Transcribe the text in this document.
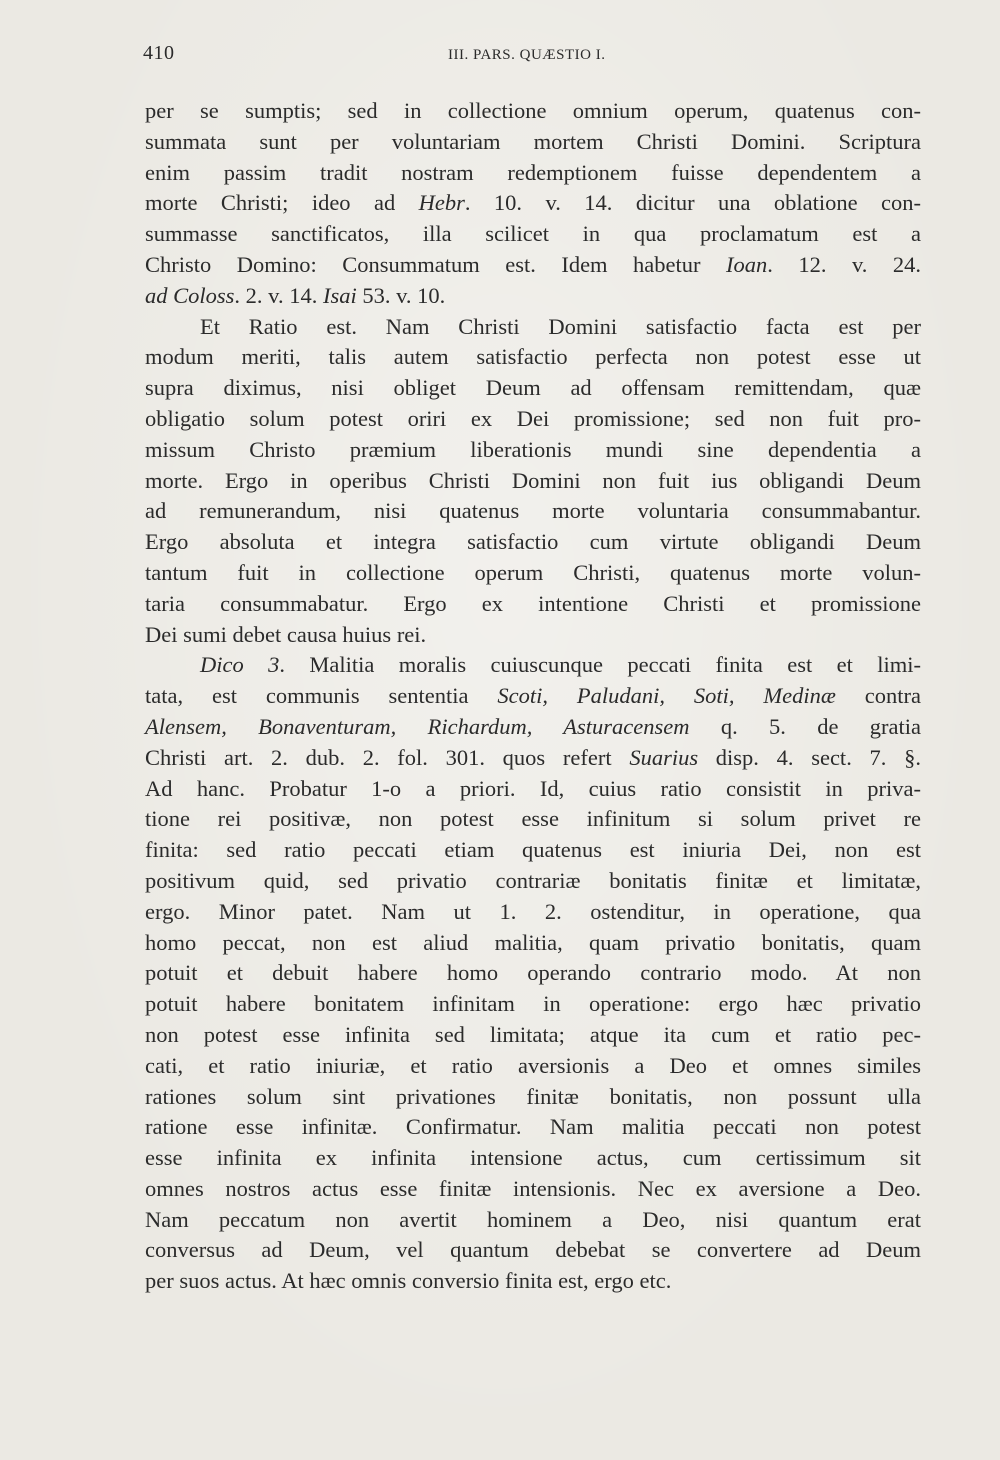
410	III. PARS. QUÆSTIO I.
per se sumptis; sed in collectione omnium operum, quatenus con-
summata sunt per voluntariam mortem Christi Domini. Scriptura
enim passim tradit nostram redemptionem fuisse dependentem a
morte Christi; ideo ad Hebr. 10. v. 14. dicitur una oblatione con-
summasse sanctificatos, illa scilicet in qua proclamatum est a
Christo Domino: Consummatum est. Idem habetur Ioan. 12. v. 24.
ad Coloss. 2. v. 14. Isai 53. v. 10.
Et Ratio est. Nam Christi Domini satisfactio facta est per
modum meriti, talis autem satisfactio perfecta non potest esse ut
supra diximus, nisi obliget Deum ad offensam remittendam, quæ
obligatio solum potest oriri ex Dei promissione; sed non fuit pro-
missum Christo præmium liberationis mundi sine dependentia a
morte. Ergo in operibus Christi Domini non fuit ius obligandi Deum
ad remunerandum, nisi quatenus morte voluntaria consummabantur.
Ergo absoluta et integra satisfactio cum virtute obligandi Deum
tantum fuit in collectione operum Christi, quatenus morte volun-
taria consummabatur. Ergo ex intentione Christi et promissione
Dei sumi debet causa huius rei.
Dico 3. Malitia moralis cuiuscunque peccati finita est et limi-
tata, est communis sententia Scoti, Paludani, Soti, Medinæ contra
Alensem, Bonaventuram, Richardum, Asturacensem q. 5. de gratia
Christi art. 2. dub. 2. fol. 301. quos refert Suarius disp. 4. sect. 7. §.
Ad hanc. Probatur 1-o a priori. Id, cuius ratio consistit in priva-
tione rei positivæ, non potest esse infinitum si solum privet re
finita: sed ratio peccati etiam quatenus est iniuria Dei, non est
positivum quid, sed privatio contrariæ bonitatis finitæ et limitatæ,
ergo. Minor patet. Nam ut 1. 2. ostenditur, in operatione, qua
homo peccat, non est aliud malitia, quam privatio bonitatis, quam
potuit et debuit habere homo operando contrario modo. At non
potuit habere bonitatem infinitam in operatione: ergo hæc privatio
non potest esse infinita sed limitata; atque ita cum et ratio pec-
cati, et ratio iniuriæ, et ratio aversionis a Deo et omnes similes
rationes solum sint privationes finitæ bonitatis, non possunt ulla
ratione esse infinitæ. Confirmatur. Nam malitia peccati non potest
esse infinita ex infinita intensione actus, cum certissimum sit
omnes nostros actus esse finitæ intensionis. Nec ex aversione a Deo.
Nam peccatum non avertit hominem a Deo, nisi quantum erat
conversus ad Deum, vel quantum debebat se convertere ad Deum
per suos actus. At hæc omnis conversio finita est, ergo etc.
